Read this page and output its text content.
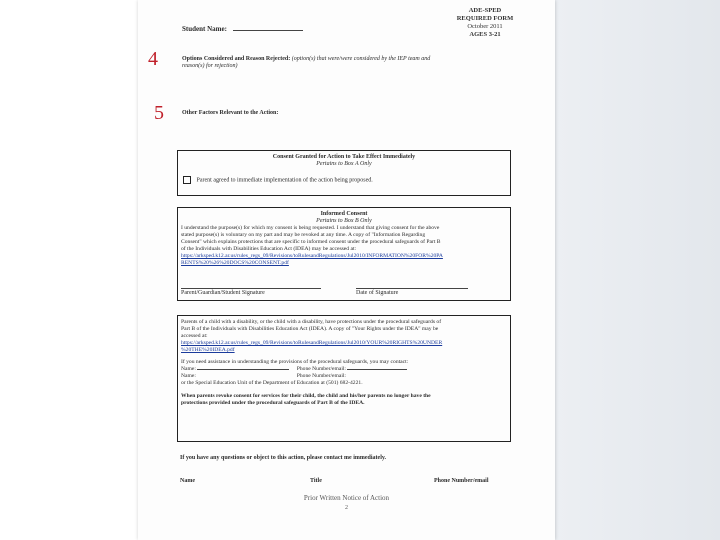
Student Name:
ADE-SPED
REQUIRED FORM
October 2011
AGES 3-21
4	Options Considered and Reason Rejected: (option(s) that were/were considered by the IEP team and
reason(s) for rejection)
5	Other Factors Relevant to the Action:
Consent Granted for Action to Take Effect Immediately
Pertains to Box A Only
Parent agreed to immediate implementation of the action being proposed.
Informed Consent
Pertains to Box B Only
I understand the purpose(s) for which my consent is being requested. I understand that giving consent for the above
stated purpose(s) is voluntary on my part and may be revoked at any time. A copy of "Information Regarding
Consent" which explains protections that are specific to informed consent under the procedural safeguards of Part B
of the Individuals with Disabilities Education Act (IDEA) may be accessed at:
https://arksped.k12.ar.us/rules_regs_09/Revisions/toRulesandRegulations/Jul2010/INFORMATION%20FOR%20PA
RENTS%20%26%20DOCS%20CONSENT.pdf
Parent/Guardian/Student Signature	Date of Signature
Parents of a child with a disability, or the child with a disability, have protections under the procedural safeguards of
Part B of the Individuals with Disabilities Education Act (IDEA). A copy of "Your Rights under the IDEA" may be
accessed at:
https://arksped.k12.ar.us/rules_regs_09/Revisions/toRulesandRegulations/Jul2010/YOUR%20RIGHTS%20UNDER
%20THE%20IDEA.pdf
If you need assistance in understanding the provisions of the procedural safeguards, you may contact:
Name:	Phone Number/email:
Name:	Phone Number/email:
or the Special Education Unit of the Department of Education at (501) 682-4221.
When parents revoke consent for services for their child, the child and his/her parents no longer have the
protections provided under the procedural safeguards of Part B of the IDEA.
If you have any questions or object to this action, please contact me immediately.
Name	Title	Phone Number/email
Prior Written Notice of Action
2
